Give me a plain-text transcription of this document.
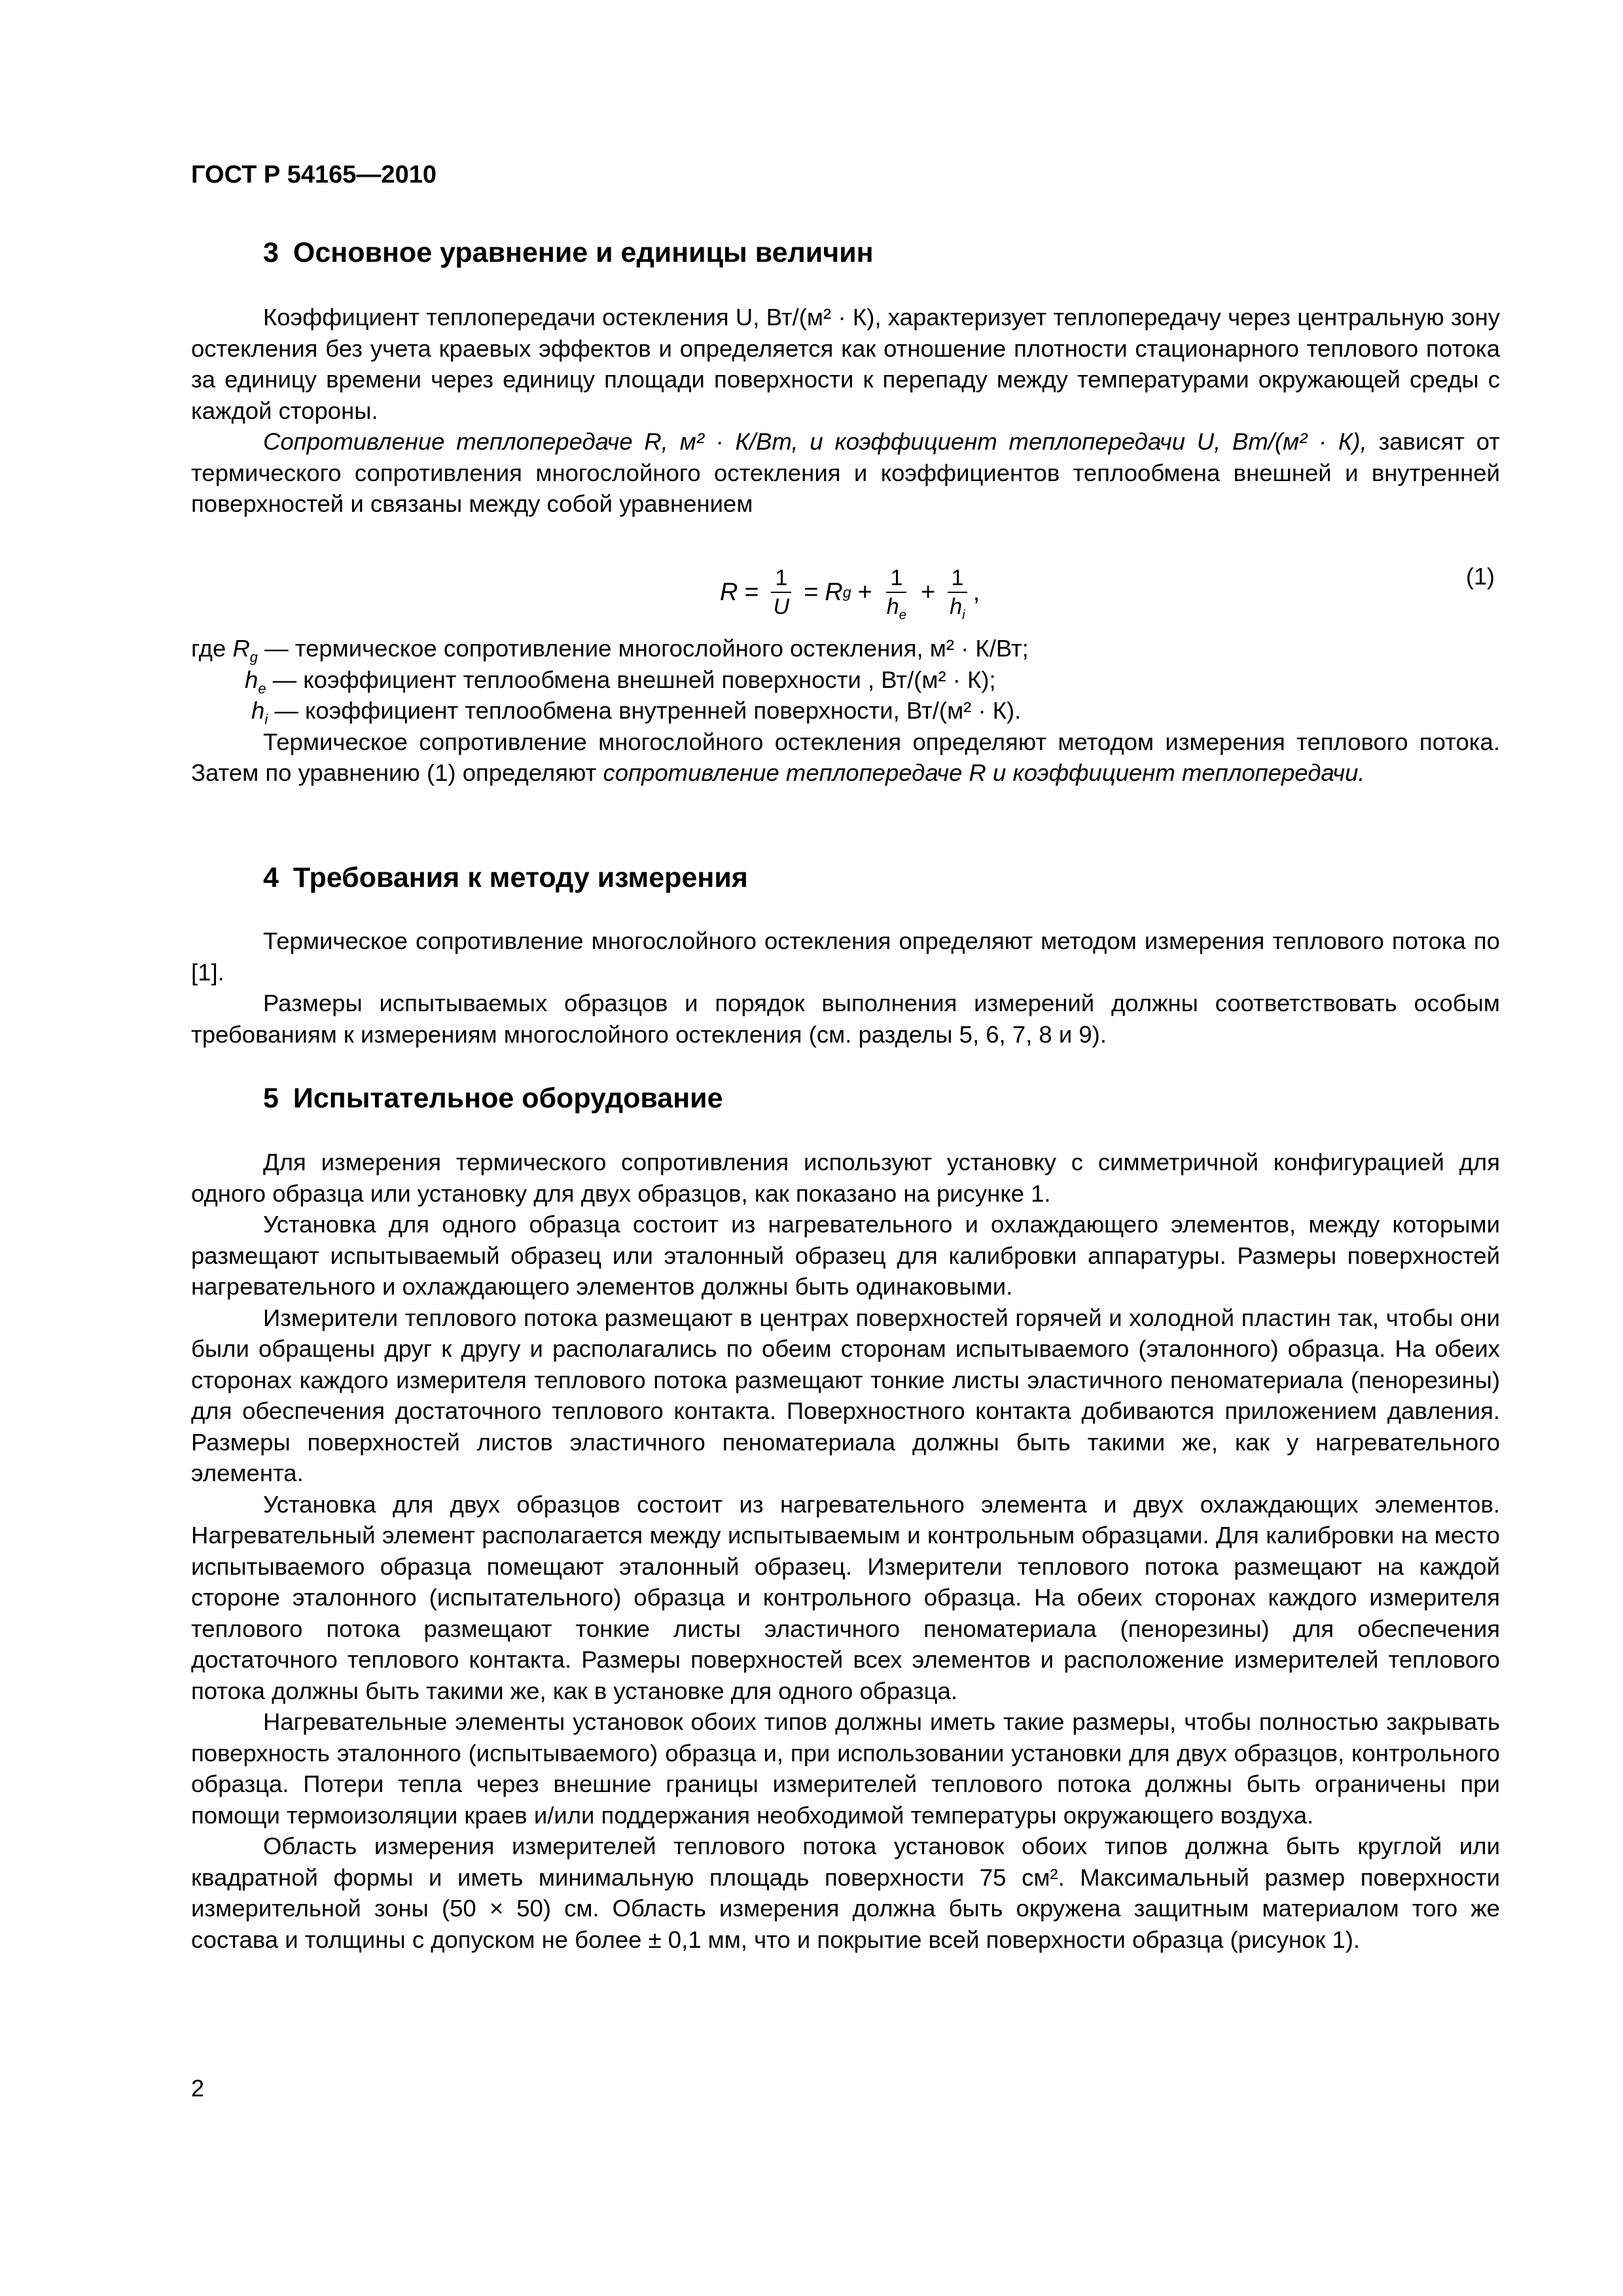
ГОСТ Р 54165—2010
3 Основное уравнение и единицы величин

Коэффициент теплопередачи остекления U, Вт/(м² · К), характеризует теплопередачу через центральную зону остекления без учета краевых эффектов и определяется как отношение плотности стационарного теплового потока за единицу времени через единицу площади поверхности к перепаду между температурами окружающей среды с каждой стороны.

Сопротивление теплопередаче R, м² · К/Вт, и коэффициент теплопередачи U, Вт/(м² · К), зависят от термического сопротивления многослойного остекления и коэффициентов теплообмена внешней и внутренней поверхностей и связаны между собой уравнением

$R = \frac{1}{U} = R$ $g + \frac{1}{h_e} + \frac{1}{h_i}$ ,
(1)
где $R_g$ — термическое сопротивление многослойного остекления, м² · К/Вт;
$h_e$ — коэффициент теплообмена внешней поверхности , Вт/(м² · К);
$h_i$ — коэффициент теплообмена внутренней поверхности, Вт/(м² · К).

Термическое сопротивление многослойного остекления определяют методом измерения теплового потока. Затем по уравнению (1) определяют сопротивление теплопередаче R и коэффициент теплопередачи.

4 Требования к методу измерения

Термическое сопротивление многослойного остекления определяют методом измерения теплового потока по [1].

Размеры испытываемых образцов и порядок выполнения измерений должны соответствовать особым требованиям к измерениям многослойного остекления (см. разделы 5, 6, 7, 8 и 9).

5 Испытательное оборудование

Для измерения термического сопротивления используют установку с симметричной конфигурацией для одного образца или установку для двух образцов, как показано на рисунке 1.

Установка для одного образца состоит из нагревательного и охлаждающего элементов, между которыми размещают испытываемый образец или эталонный образец для калибровки аппаратуры. Размеры поверхностей нагревательного и охлаждающего элементов должны быть одинаковыми.

Измерители теплового потока размещают в центрах поверхностей горячей и холодной пластин так, чтобы они были обращены друг к другу и располагались по обеим сторонам испытываемого (эталонного) образца. На обеих сторонах каждого измерителя теплового потока размещают тонкие листы эластичного пеноматериала (пенорезины) для обеспечения достаточного теплового контакта. Поверхностного контакта добиваются приложением давления. Размеры поверхностей листов эластичного пеноматериала должны быть такими же, как у нагревательного элемента.

Установка для двух образцов состоит из нагревательного элемента и двух охлаждающих элементов. Нагревательный элемент располагается между испытываемым и контрольным образцами. Для калибровки на место испытываемого образца помещают эталонный образец. Измерители теплового потока размещают на каждой стороне эталонного (испытательного) образца и контрольного образца. На обеих сторонах каждого измерителя теплового потока размещают тонкие листы эластичного пеноматериала (пенорезины) для обеспечения достаточного теплового контакта. Размеры поверхностей всех элементов и расположение измерителей теплового потока должны быть такими же, как в установке для одного образца.

Нагревательные элементы установок обоих типов должны иметь такие размеры, чтобы полностью закрывать поверхность эталонного (испытываемого) образца и, при использовании установки для двух образцов, контрольного образца. Потери тепла через внешние границы измерителей теплового потока должны быть ограничены при помощи термоизоляции краев и/или поддержания необходимой температуры окружающего воздуха.

Область измерения измерителей теплового потока установок обоих типов должна быть круглой или квадратной формы и иметь минимальную площадь поверхности 75 см². Максимальный размер поверхности измерительной зоны (50 × 50) см. Область измерения должна быть окружена защитным материалом того же состава и толщины с допуском не более ± 0,1 мм, что и покрытие всей поверхности образца (рисунок 1).

2
